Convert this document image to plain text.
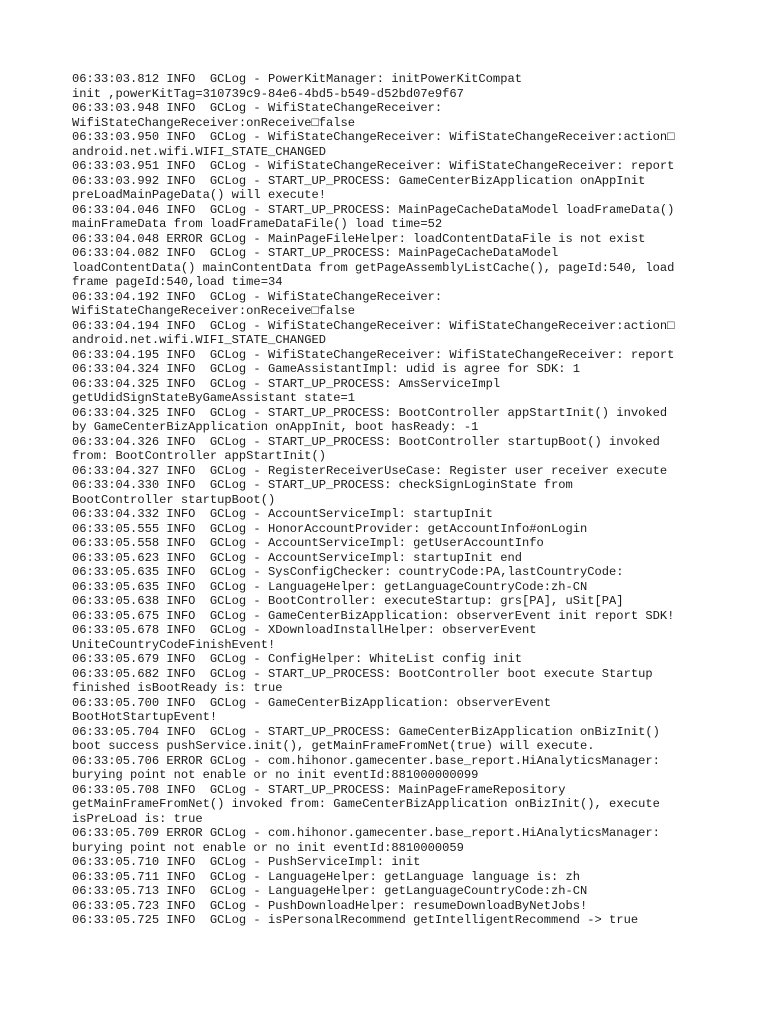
06:33:03.812 INFO  GCLog - PowerKitManager: initPowerKitCompat
init ,powerKitTag=310739c9-84e6-4bd5-b549-d52bd07e9f67
06:33:03.948 INFO  GCLog - WifiStateChangeReceiver:
WifiStateChangeReceiver:onReceive□false
06:33:03.950 INFO  GCLog - WifiStateChangeReceiver: WifiStateChangeReceiver:action□
android.net.wifi.WIFI_STATE_CHANGED
06:33:03.951 INFO  GCLog - WifiStateChangeReceiver: WifiStateChangeReceiver: report
06:33:03.992 INFO  GCLog - START_UP_PROCESS: GameCenterBizApplication onAppInit
preLoadMainPageData() will execute!
06:33:04.046 INFO  GCLog - START_UP_PROCESS: MainPageCacheDataModel loadFrameData()
mainFrameData from loadFrameDataFile() load time=52
06:33:04.048 ERROR GCLog - MainPageFileHelper: loadContentDataFile is not exist
06:33:04.082 INFO  GCLog - START_UP_PROCESS: MainPageCacheDataModel
loadContentData() mainContentData from getPageAssemblyListCache(), pageId:540, load
frame pageId:540,load time=34
06:33:04.192 INFO  GCLog - WifiStateChangeReceiver:
WifiStateChangeReceiver:onReceive□false
06:33:04.194 INFO  GCLog - WifiStateChangeReceiver: WifiStateChangeReceiver:action□
android.net.wifi.WIFI_STATE_CHANGED
06:33:04.195 INFO  GCLog - WifiStateChangeReceiver: WifiStateChangeReceiver: report
06:33:04.324 INFO  GCLog - GameAssistantImpl: udid is agree for SDK: 1
06:33:04.325 INFO  GCLog - START_UP_PROCESS: AmsServiceImpl
getUdidSignStateByGameAssistant state=1
06:33:04.325 INFO  GCLog - START_UP_PROCESS: BootController appStartInit() invoked
by GameCenterBizApplication onAppInit, boot hasReady: -1
06:33:04.326 INFO  GCLog - START_UP_PROCESS: BootController startupBoot() invoked
from: BootController appStartInit()
06:33:04.327 INFO  GCLog - RegisterReceiverUseCase: Register user receiver execute
06:33:04.330 INFO  GCLog - START_UP_PROCESS: checkSignLoginState from
BootController startupBoot()
06:33:04.332 INFO  GCLog - AccountServiceImpl: startupInit
06:33:05.555 INFO  GCLog - HonorAccountProvider: getAccountInfo#onLogin
06:33:05.558 INFO  GCLog - AccountServiceImpl: getUserAccountInfo
06:33:05.623 INFO  GCLog - AccountServiceImpl: startupInit end
06:33:05.635 INFO  GCLog - SysConfigChecker: countryCode:PA,lastCountryCode:
06:33:05.635 INFO  GCLog - LanguageHelper: getLanguageCountryCode:zh-CN
06:33:05.638 INFO  GCLog - BootController: executeStartup: grs[PA], uSit[PA]
06:33:05.675 INFO  GCLog - GameCenterBizApplication: observerEvent init report SDK!
06:33:05.678 INFO  GCLog - XDownloadInstallHelper: observerEvent
UniteCountryCodeFinishEvent!
06:33:05.679 INFO  GCLog - ConfigHelper: WhiteList config init
06:33:05.682 INFO  GCLog - START_UP_PROCESS: BootController boot execute Startup
finished isBootReady is: true
06:33:05.700 INFO  GCLog - GameCenterBizApplication: observerEvent
BootHotStartupEvent!
06:33:05.704 INFO  GCLog - START_UP_PROCESS: GameCenterBizApplication onBizInit()
boot success pushService.init(), getMainFrameFromNet(true) will execute.
06:33:05.706 ERROR GCLog - com.hihonor.gamecenter.base_report.HiAnalyticsManager:
burying point not enable or no init eventId:881000000099
06:33:05.708 INFO  GCLog - START_UP_PROCESS: MainPageFrameRepository
getMainFrameFromNet() invoked from: GameCenterBizApplication onBizInit(), execute
isPreLoad is: true
06:33:05.709 ERROR GCLog - com.hihonor.gamecenter.base_report.HiAnalyticsManager:
burying point not enable or no init eventId:8810000059
06:33:05.710 INFO  GCLog - PushServiceImpl: init
06:33:05.711 INFO  GCLog - LanguageHelper: getLanguage language is: zh
06:33:05.713 INFO  GCLog - LanguageHelper: getLanguageCountryCode:zh-CN
06:33:05.723 INFO  GCLog - PushDownloadHelper: resumeDownloadByNetJobs!
06:33:05.725 INFO  GCLog - isPersonalRecommend getIntelligentRecommend -> true
